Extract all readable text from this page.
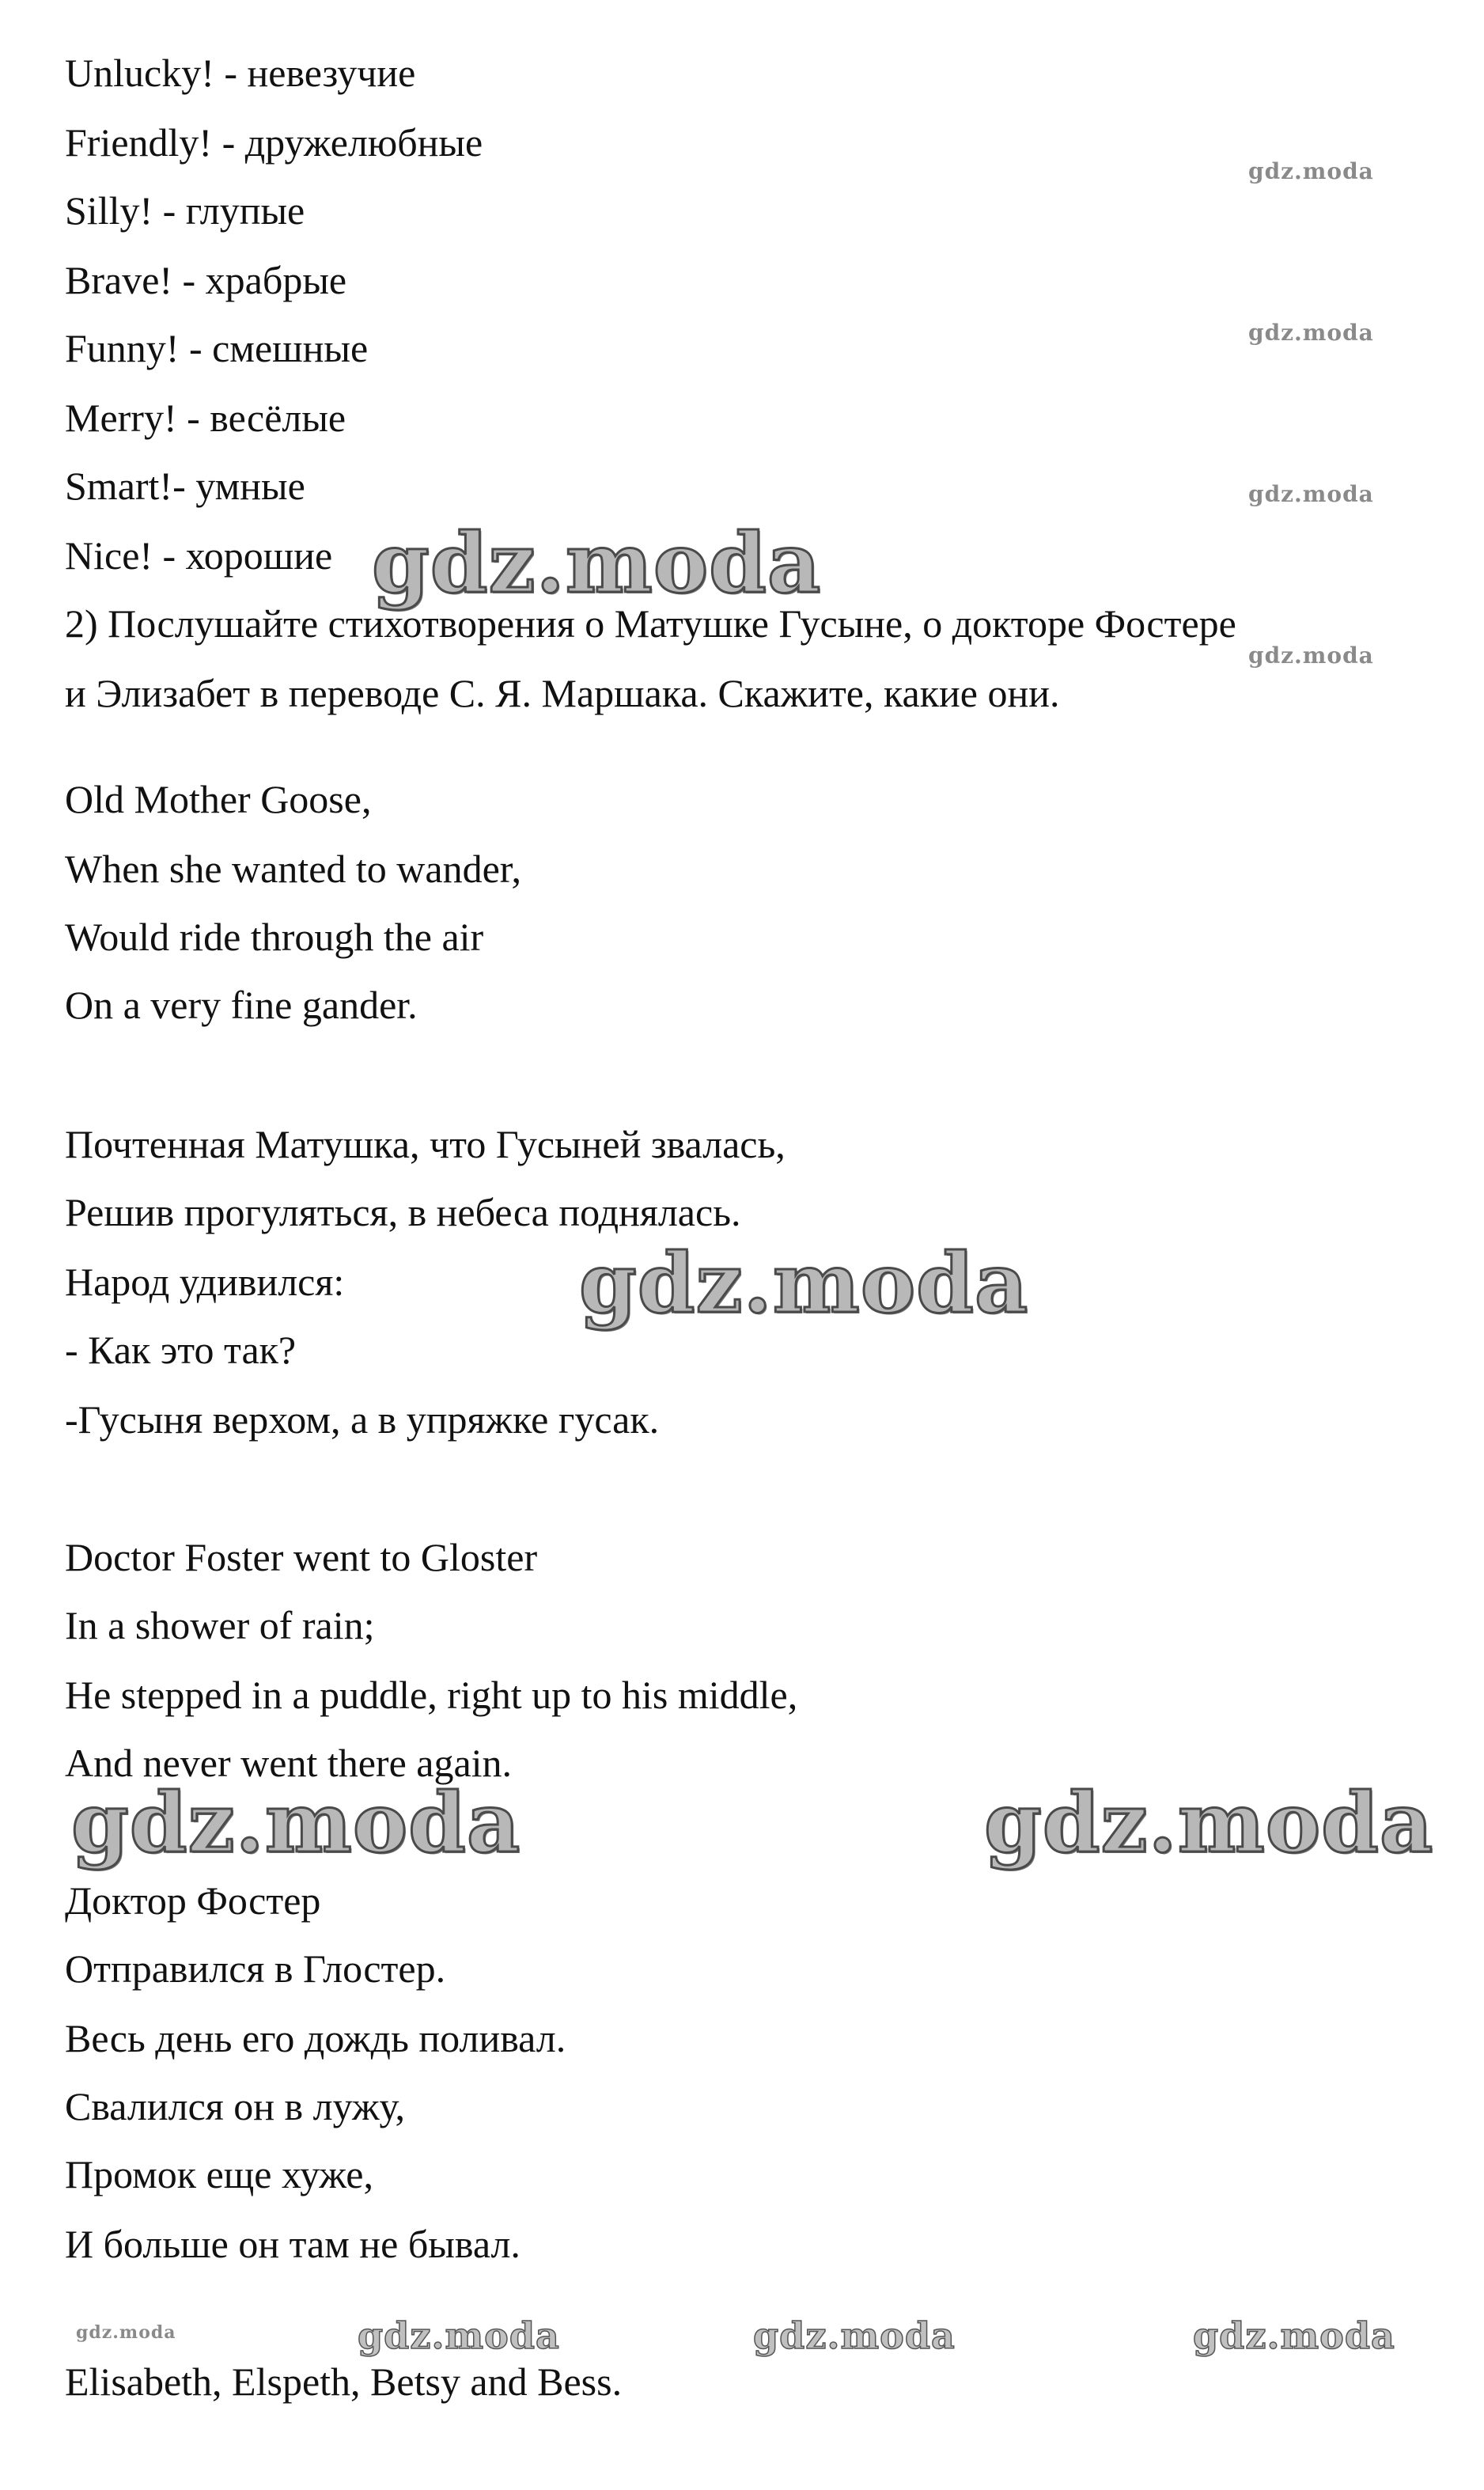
Unlucky! - невезучие

Friendly! - дружелюбные

Silly! - глупые

Brave! - храбрые

Funny! - смешные

Merry! - весёлые

Smart!- умные

Nice! - хорошие

2) Послушайте стихотворения о Матушке Гусыне, о докторе Фостере

и Элизабет в переводе С. Я. Маршака. Скажите, какие они.

Old Mother Goose,

When she wanted to wander,

Would ride through the air

On a very fine gander.

Почтенная Матушка, что Гусыней звалась,

Решив прогуляться, в небеса поднялась.

Народ удивился:

- Как это так?

-Гусыня верхом, а в упряжке гусак.

Doctor Foster went to Gloster

In a shower of rain;

He stepped in a puddle, right up to his middle,

And never went there again.

Доктор Фостер

Отправился в Глостер.

Весь день его дождь поливал.

Свалился он в лужу,

Промок еще хуже,

И больше он там не бывал.

Elisabeth, Elspeth, Betsy and Bess.

gdz.moda

gdz.moda

gdz.moda

gdz.moda

gdz.moda

gdz.moda

gdz.moda	gdz.moda

gdz.moda	gdz.moda	gdz.moda	gdz.moda
